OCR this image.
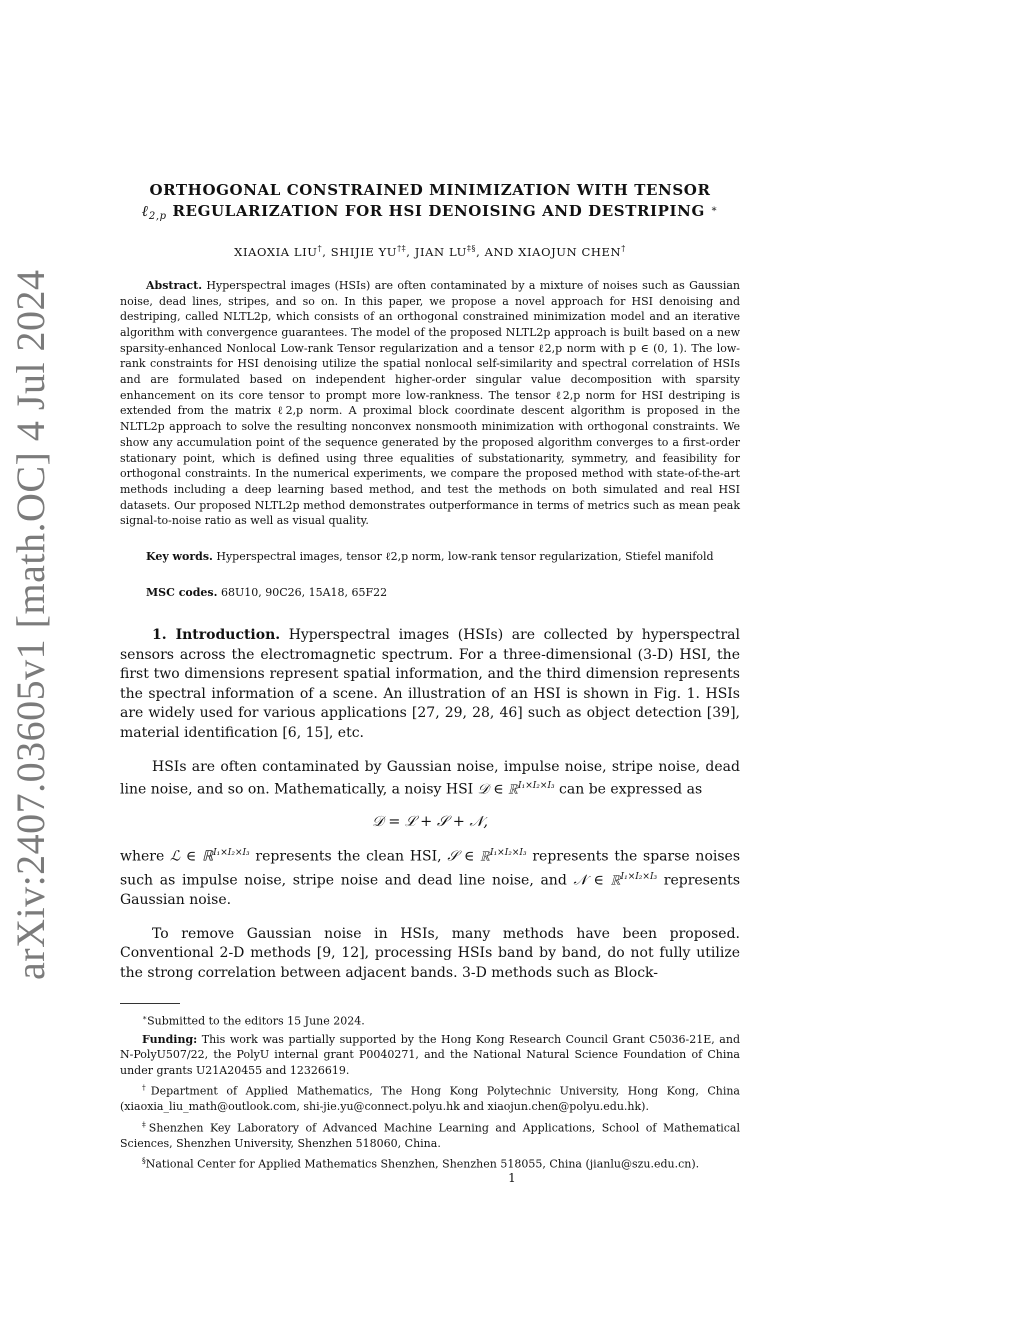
arXiv:2407.03605v1 [math.OC] 4 Jul 2024
ORTHOGONAL CONSTRAINED MINIMIZATION WITH TENSOR
ℓ$_{2,p}$ REGULARIZATION FOR HSI DENOISING AND DESTRIPING ∗
XIAOXIA LIU†, SHIJIE YU†‡, JIAN LU‡§, AND XIAOJUN CHEN†

Abstract. Hyperspectral images (HSIs) are often contaminated by a mixture of noises such as Gaussian noise, dead lines, stripes, and so on. In this paper, we propose a novel approach for HSI denoising and destriping, called NLTL2p, which consists of an orthogonal constrained minimization model and an iterative algorithm with convergence guarantees. The model of the proposed NLTL2p approach is built based on a new sparsity-enhanced Nonlocal Low-rank Tensor regularization and a tensor ℓ2,p norm with p ∈ (0, 1). The low-rank constraints for HSI denoising utilize the spatial nonlocal self-similarity and spectral correlation of HSIs and are formulated based on independent higher-order singular value decomposition with sparsity enhancement on its core tensor to prompt more low-rankness. The tensor ℓ2,p norm for HSI destriping is extended from the matrix ℓ2,p norm. A proximal block coordinate descent algorithm is proposed in the NLTL2p approach to solve the resulting nonconvex nonsmooth minimization with orthogonal constraints. We show any accumulation point of the sequence generated by the proposed algorithm converges to a first-order stationary point, which is defined using three equalities of substationarity, symmetry, and feasibility for orthogonal constraints. In the numerical experiments, we compare the proposed method with state-of-the-art methods including a deep learning based method, and test the methods on both simulated and real HSI datasets. Our proposed NLTL2p method demonstrates outperformance in terms of metrics such as mean peak signal-to-noise ratio as well as visual quality.

Key words. Hyperspectral images, tensor ℓ2,p norm, low-rank tensor regularization, Stiefel manifold

MSC codes. 68U10, 90C26, 15A18, 65F22

1. Introduction. Hyperspectral images (HSIs) are collected by hyperspectral sensors across the electromagnetic spectrum. For a three-dimensional (3-D) HSI, the first two dimensions represent spatial information, and the third dimension represents the spectral information of a scene. An illustration of an HSI is shown in Fig. 1. HSIs are widely used for various applications [27, 29, 28, 46] such as object detection [39], material identification [6, 15], etc.

HSIs are often contaminated by Gaussian noise, impulse noise, stripe noise, dead line noise, and so on. Mathematically, a noisy HSI 𝒟 ∈ ℝ$^{I_1\times I_2\times I_3}$ can be expressed as

𝒟 = ℒ + 𝒮 + 𝒩,

where ℒ ∈ ℝ$^{I_1\times I_2\times I_3}$ represents the clean HSI, 𝒮 ∈ ℝ$^{I_1\times I_2\times I_3}$ represents the sparse noises such as impulse noise, stripe noise and dead line noise, and 𝒩 ∈ ℝ$^{I_1\times I_2\times I_3}$ represents Gaussian noise.

To remove Gaussian noise in HSIs, many methods have been proposed. Conventional 2-D methods [9, 12], processing HSIs band by band, do not fully utilize the strong correlation between adjacent bands. 3-D methods such as Block-

∗Submitted to the editors 15 June 2024.

Funding: This work was partially supported by the Hong Kong Research Council Grant C5036-21E, and N-PolyU507/22, the PolyU internal grant P0040271, and the National Natural Science Foundation of China under grants U21A20455 and 12326619.

†Department of Applied Mathematics, The Hong Kong Polytechnic University, Hong Kong, China (xiaoxia_liu_math@outlook.com, shi-jie.yu@connect.polyu.hk and xiaojun.chen@polyu.edu.hk).

‡Shenzhen Key Laboratory of Advanced Machine Learning and Applications, School of Mathematical Sciences, Shenzhen University, Shenzhen 518060, China.

§National Center for Applied Mathematics Shenzhen, Shenzhen 518055, China (jianlu@szu.edu.cn).

1
